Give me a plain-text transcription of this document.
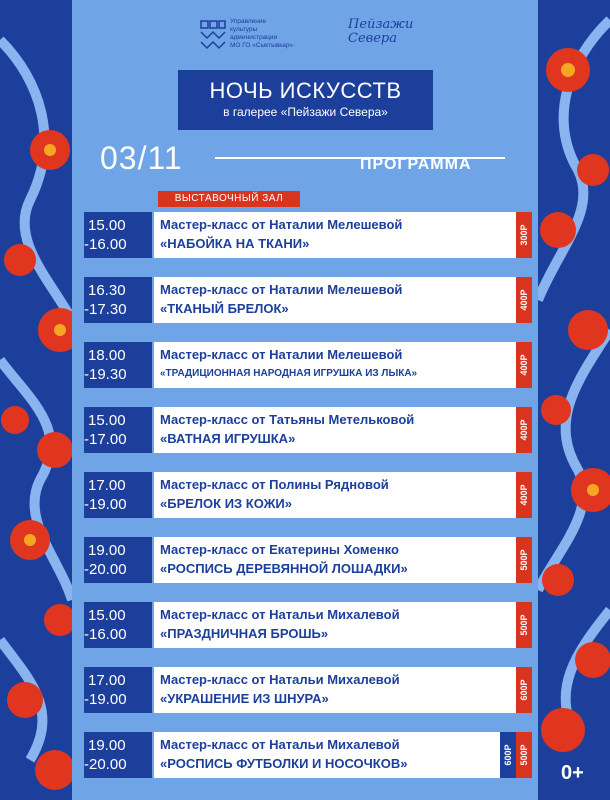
Управление
культуры
администрации
МО ГО «Сыктывкар»
Пейзажи
Севера
НОЧЬ ИСКУССТВ
в галерее «Пейзажи Севера»
03/11	ПРОГРАММА
ВЫСТАВОЧНЫЙ ЗАЛ
15.00
-16.00
Мастер-класс от Наталии Мелешевой
«НАБОЙКА НА ТКАНИ»	300Р
16.30
-17.30
Мастер-класс от Наталии Мелешевой
«ТКАНЫЙ БРЕЛОК»	400Р
18.00
-19.30
Мастер-класс от Наталии Мелешевой
«ТРАДИЦИОННАЯ НАРОДНАЯ ИГРУШКА ИЗ ЛЫКА»	400Р
15.00
-17.00
Мастер-класс от Татьяны Метельковой
«ВАТНАЯ ИГРУШКА»	400Р
17.00
-19.00
Мастер-класс от Полины Рядновой
«БРЕЛОК ИЗ КОЖИ»	400Р
19.00
-20.00
Мастер-класс от Екатерины Хоменко
«РОСПИСЬ ДЕРЕВЯННОЙ ЛОШАДКИ»	500Р
15.00
-16.00
Мастер-класс от Натальи Михалевой
«ПРАЗДНИЧНАЯ БРОШЬ»	500Р
17.00
-19.00
Мастер-класс от Натальи Михалевой
«УКРАШЕНИЕ ИЗ ШНУРА»	600Р
19.00
-20.00
Мастер-класс от Натальи Михалевой
«РОСПИСЬ ФУТБОЛКИ И НОСОЧКОВ»	600Р 500Р
0+
